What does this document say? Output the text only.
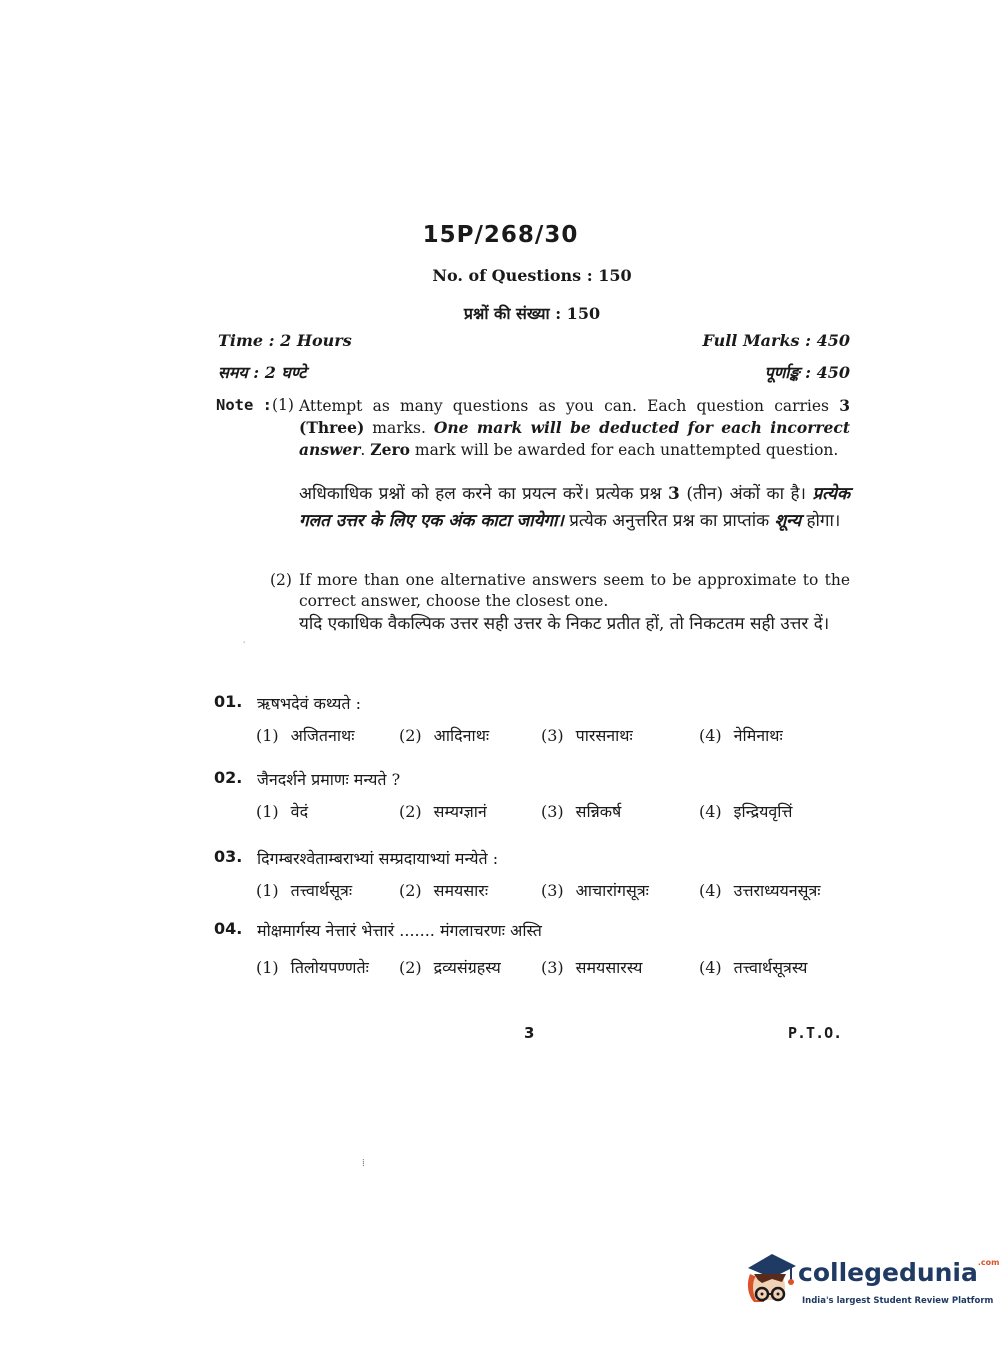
15P/268/30
No. of Questions : 150
प्रश्नों की संख्या : 150
Time : 2 Hours	Full Marks : 450
समय : 2 घण्टे	पूर्णाङ्क : 450
Note : (1) Attempt as many questions as you can. Each question carries 3 (Three) marks. One mark will be deducted for each incorrect answer. Zero mark will be awarded for each unattempted question.
अधिकाधिक प्रश्नों को हल करने का प्रयत्न करें। प्रत्येक प्रश्न 3 (तीन) अंकों का है। प्रत्येक गलत उत्तर के लिए एक अंक काटा जायेगा। प्रत्येक अनुत्तरित प्रश्न का प्राप्तांक शून्य होगा।
(2) If more than one alternative answers seem to be approximate to the correct answer, choose the closest one.
यदि एकाधिक वैकल्पिक उत्तर सही उत्तर के निकट प्रतीत हों, तो निकटतम सही उत्तर दें।
'
01. ऋषभदेवं कथ्यते :
(1) अजितनाथः	(2) आदिनाथः	(3) पारसनाथः	(4) नेमिनाथः
02. जैनदर्शने प्रमाणः मन्यते ?
(1) वेदं	(2) सम्यग्ज्ञानं	(3) सन्निकर्ष	(4) इन्द्रियवृत्तिं
03. दिगम्बरश्वेताम्बराभ्यां सम्प्रदायाभ्यां मन्येते :
(1) तत्त्वार्थसूत्रः	(2) समयसारः	(3) आचारांगसूत्रः	(4) उत्तराध्ययनसूत्रः
04. मोक्षमार्गस्य नेत्तारं भेत्तारं ....... मंगलाचरणः अस्ति
(1) तिलोयपण्णतेः (2) द्रव्यसंग्रहस्य	(3) समयसारस्य	(4) तत्त्वार्थसूत्रस्य
3	P.T.O.
⁞
collegedunia$^{.com}$
India's largest Student Review Platform
